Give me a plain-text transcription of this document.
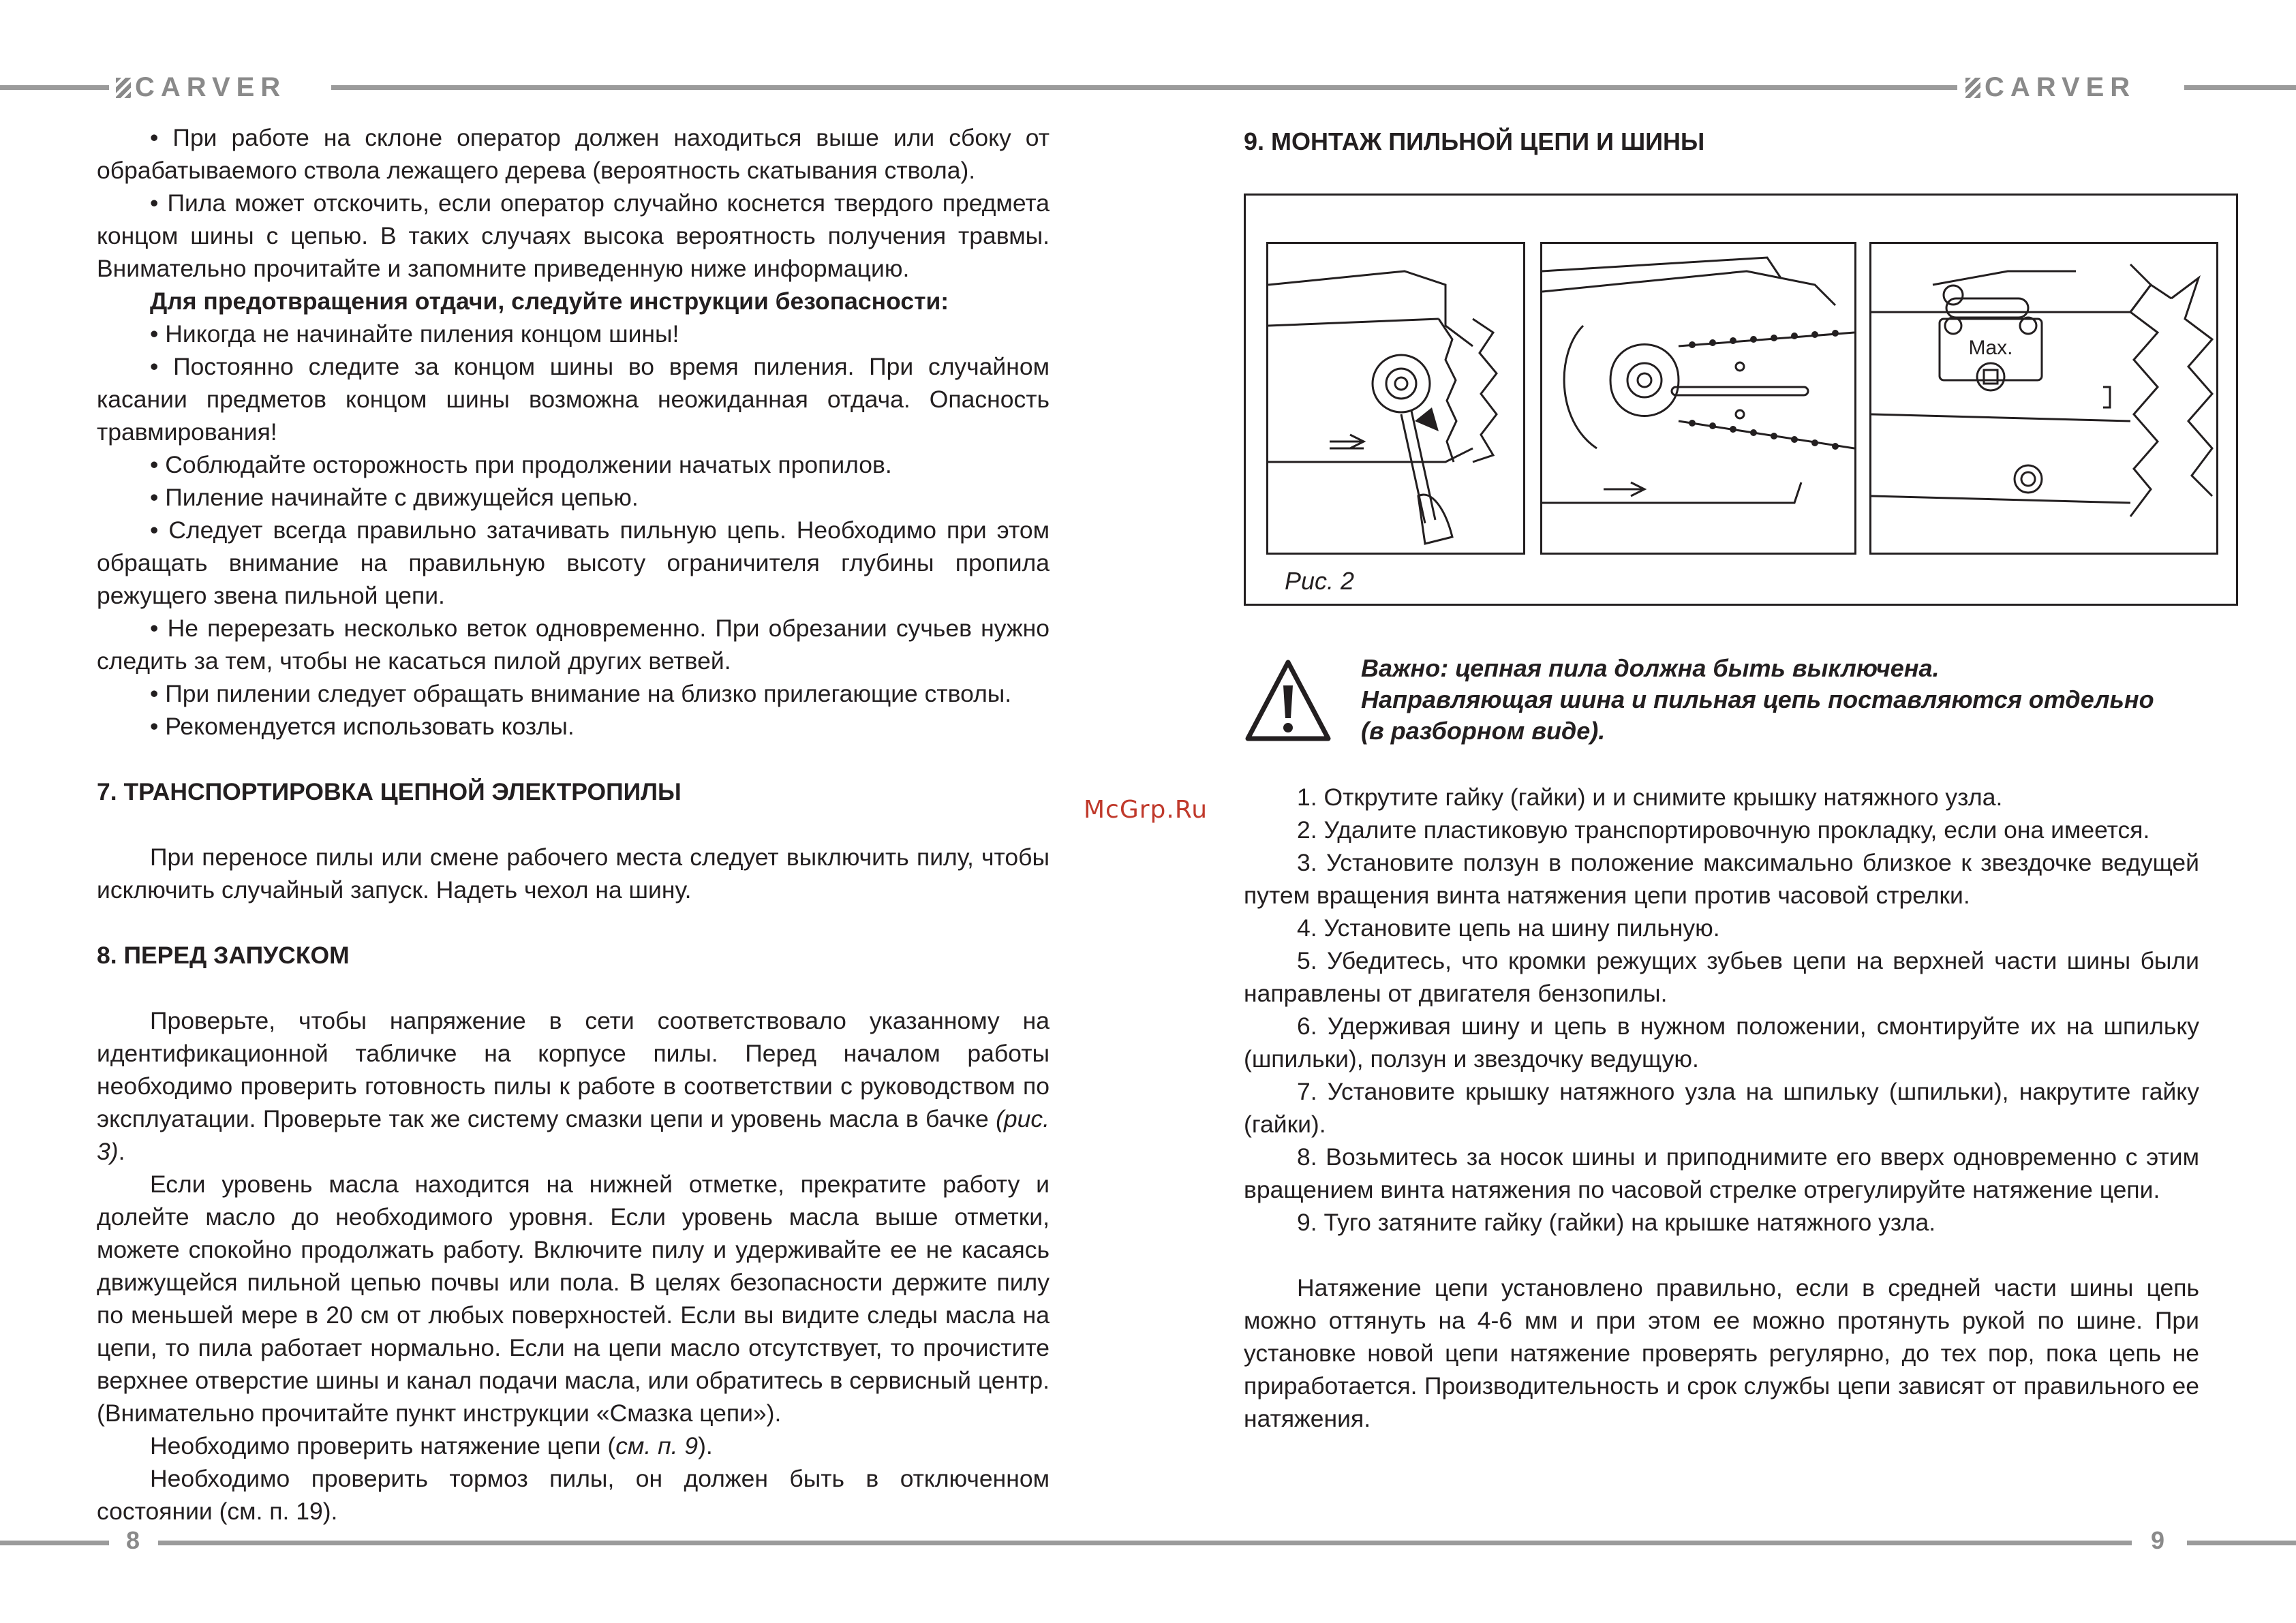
CARVER	CARVER

• При работе на склоне оператор должен находиться выше или сбоку от обрабатываемого ствола лежащего дерева (вероятность скатывания ствола).

• Пила может отскочить, если оператор случайно коснется твердого предмета концом шины с цепью. В таких случаях высока вероятность получения травмы. Внимательно прочитайте и запомните приведенную ниже информацию.

Для предотвращения отдачи, следуйте инструкции безопасности:

• Никогда не начинайте пиления концом шины!

• Постоянно следите за концом шины во время пиления. При случайном касании предметов концом шины возможна неожиданная отдача. Опасность травмирования!

• Соблюдайте осторожность при продолжении начатых пропилов.

• Пиление начинайте с движущейся цепью.

• Следует всегда правильно затачивать пильную цепь. Необходимо при этом обращать внимание на правильную высоту ограничителя глубины пропила режущего звена пильной цепи.

• Не перерезать несколько веток одновременно. При обрезании сучьев нужно следить за тем, чтобы не касаться пилой других ветвей.

• При пилении следует обращать внимание на близко прилегающие стволы.

• Рекомендуется использовать козлы.

7. ТРАНСПОРТИРОВКА ЦЕПНОЙ ЭЛЕКТРОПИЛЫ

При переносе пилы или смене рабочего места следует выключить пилу, чтобы исключить случайный запуск. Надеть чехол на шину.

8. ПЕРЕД ЗАПУСКОМ

Проверьте, чтобы напряжение в сети соответствовало указанному на идентификационной табличке на корпусе пилы. Перед началом работы необходимо проверить готовность пилы к работе в соответствии с руководством по эксплуатации. Проверьте так же систему смазки цепи и уровень масла в бачке (рис. 3).

Если уровень масла находится на нижней отметке, прекратите работу и долейте масло до необходимого уровня. Если уровень масла выше отметки, можете спокойно продолжать работу. Включите пилу и удерживайте ее не касаясь движущейся пильной цепью почвы или пола. В целях безопасности держите пилу по меньшей мере в 20 см от любых поверхностей. Если вы видите следы масла на цепи, то пила работает нормально. Если на цепи масло отсутствует, то прочистите верхнее отверстие шины и канал подачи масла, или обратитесь в сервисный центр. (Внимательно прочитайте пункт инструкции «Смазка цепи»).

Необходимо проверить натяжение цепи (см. п. 9).

Необходимо проверить тормоз пилы, он должен быть в отключенном состоянии (см. п. 19).

McGrp.Ru
9. МОНТАЖ ПИЛЬНОЙ ЦЕПИ И ШИНЫ
Max.
Рис. 2
Важно: цепная пила должна быть выключена.
Направляющая шина и пильная цепь поставляются отдельно
(в разборном виде).

1. Открутите гайку (гайки) и и снимите крышку натяжного узла.

2. Удалите пластиковую транспортировочную прокладку, если она имеется.

3. Установите ползун в положение максимально близкое к звездочке ведущей путем вращения винта натяжения цепи против часовой стрелки.

4. Установите цепь на шину пильную.

5. Убедитесь, что кромки режущих зубьев цепи на верхней части шины были направлены от двигателя бензопилы.

6. Удерживая шину и цепь в нужном положении, смонтируйте их на шпильку (шпильки), ползун и звездочку ведущую.

7. Установите крышку натяжного узла на шпильку (шпильки), накрутите гайку (гайки).

8. Возьмитесь за носок шины и приподнимите его вверх одновременно с этим вращением винта натяжения по часовой стрелке отрегулируйте натяжение цепи.

9. Туго затяните гайку (гайки) на крышке натяжного узла.

Натяжение цепи установлено правильно, если в средней части шины цепь можно оттянуть на 4-6 мм и при этом ее можно протянуть рукой по шине. При установке новой цепи натяжение проверять регулярно, до тех пор, пока цепь не приработается. Производительность и срок службы цепи зависят от правильного ее натяжения.

8	9
